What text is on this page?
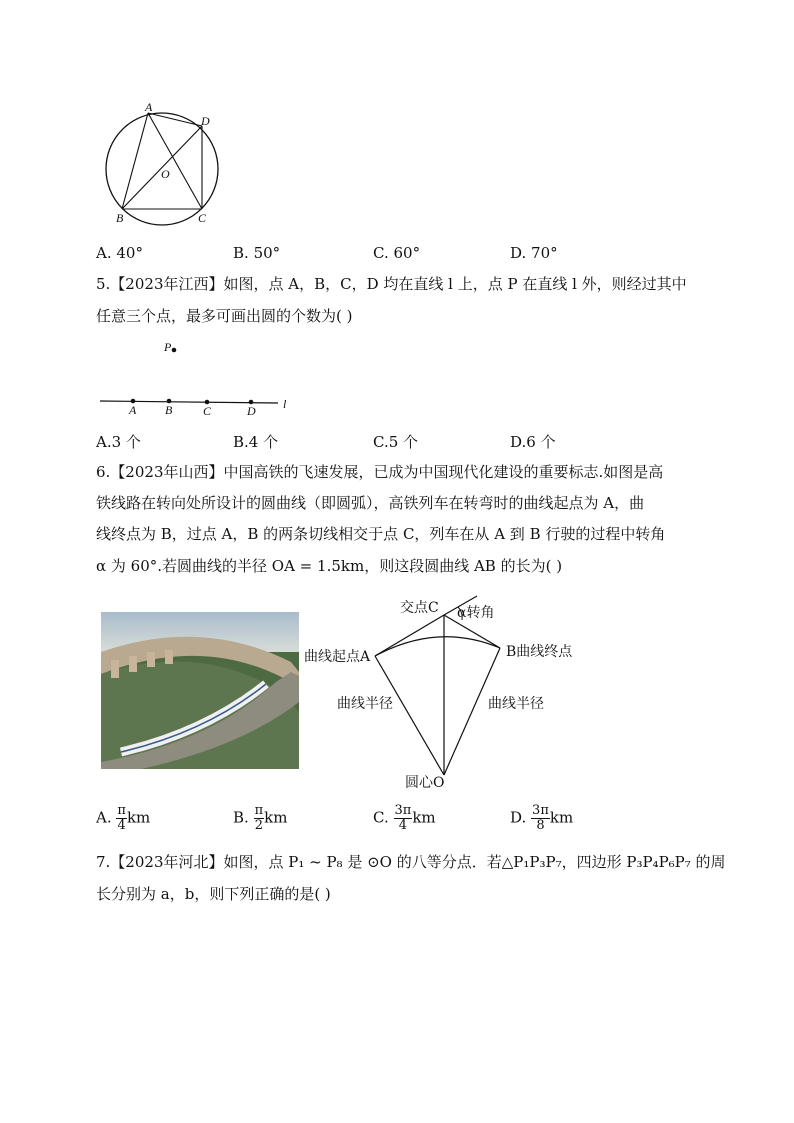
A
D
O
B	C
A. 40°	B. 50°	C. 60°	D. 70°
5.【2023年江西】如图，点 A，B，C，D 均在直线 l 上，点 P 在直线 l 外，则经过其中
任意三个点，最多可画出圆的个数为( )
P
A B	C	D l
A.3 个	B.4 个	C.5 个	D.6 个
6.【2023年山西】中国高铁的飞速发展，已成为中国现代化建设的重要标志.如图是高
铁线路在转向处所设计的圆曲线（即圆弧），高铁列车在转弯时的曲线起点为 A，曲
线终点为 B，过点 A，B 的两条切线相交于点 C，列车在从 A 到 B 行驶的过程中转角
α 为 60°.若圆曲线的半径 OA = 1.5km，则这段圆曲线 AB 的长为( )
交点C α转角
曲线起点A	B曲线终点
曲线半径	曲线半径
圆心O
A. $\frac{\pi}{4}$ km	B. $\frac{\pi}{2}$ km	C. $\frac{3\pi}{4}$ km	D. $\frac{3\pi}{8}$ km
7.【2023年河北】如图，点 P₁ ~ P₈ 是 ⊙O 的八等分点．若△P₁P₃P₇，四边形 P₃P₄P₆P₇ 的周
长分别为 a，b，则下列正确的是( )
